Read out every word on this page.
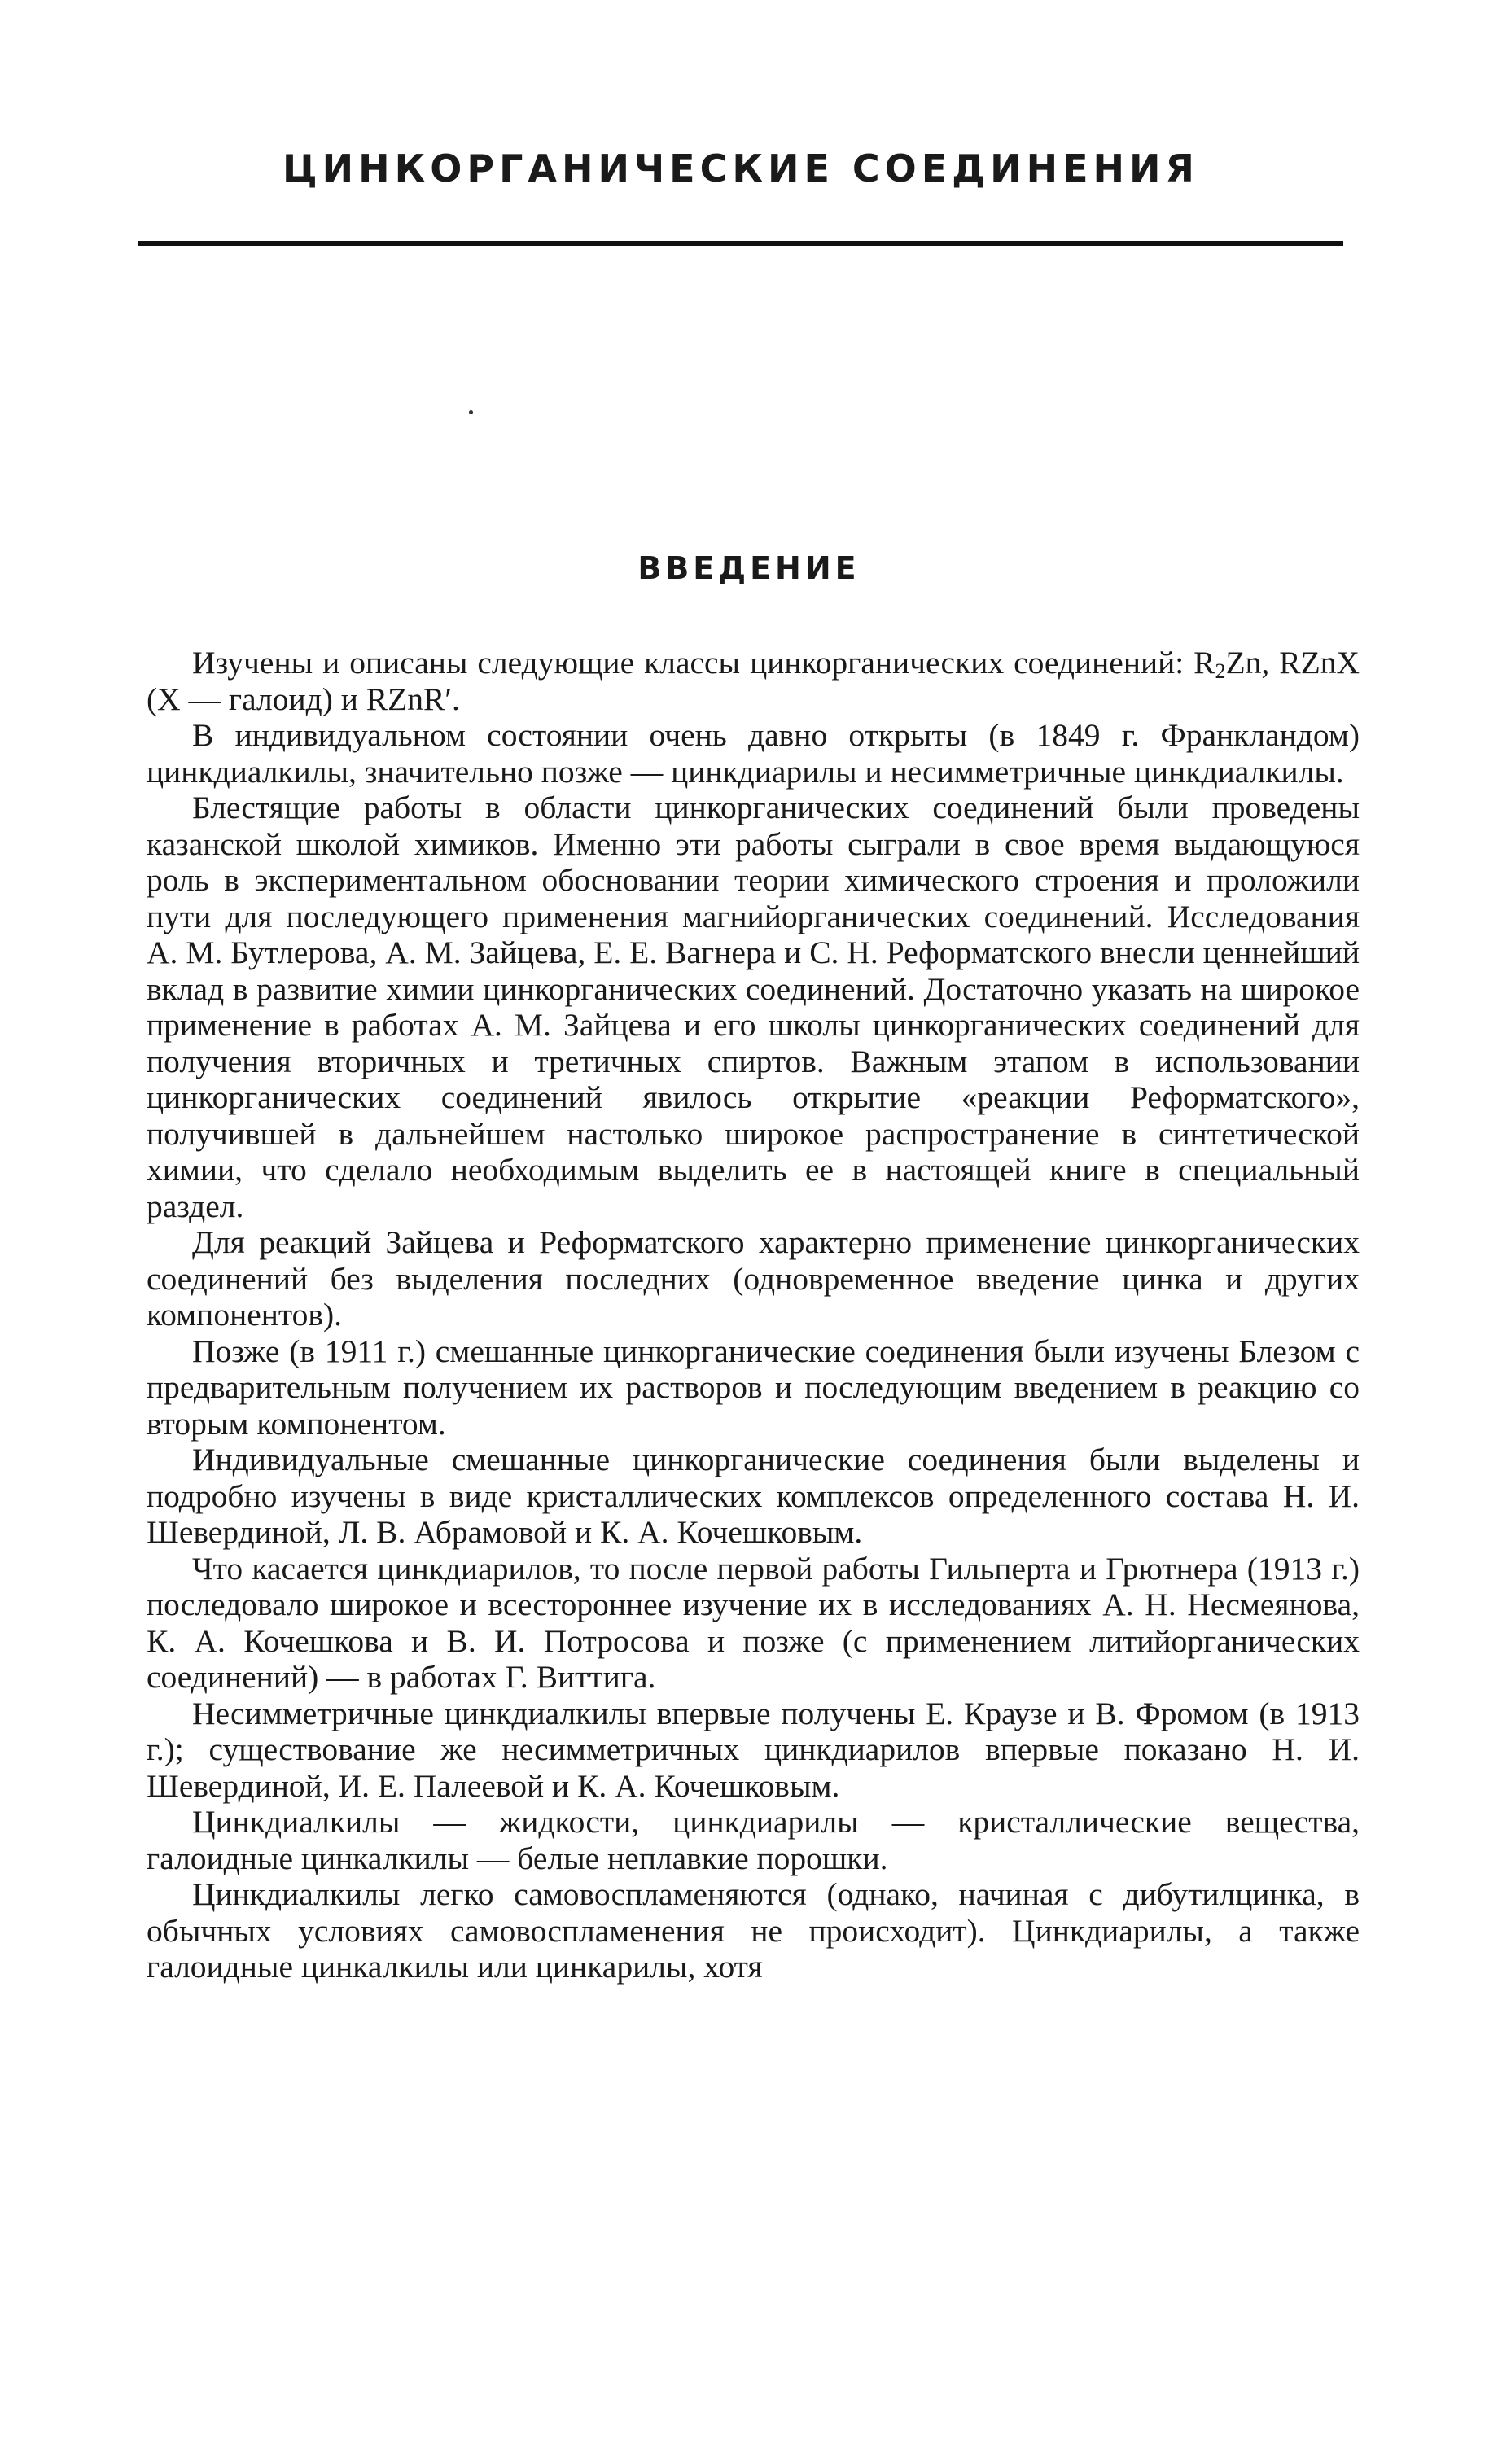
ЦИНКОРГАНИЧЕСКИЕ СОЕДИНЕНИЯ
ВВЕДЕНИЕ

Изучены и описаны следующие классы цинкорганических соединений: $R_2Zn$, RZnX (X — галоид) и RZnR′.

В индивидуальном состоянии очень давно открыты (в 1849 г. Франкландом) цинкдиалкилы, значительно позже — цинкдиарилы и несимметричные цинкдиалкилы.

Блестящие работы в области цинкорганических соединений были проведены казанской школой химиков. Именно эти работы сыграли в свое время выдающуюся роль в экспериментальном обосновании теории химического строения и проложили пути для последующего применения магнийорганических соединений. Исследования А. М. Бутлерова, А. М. Зайцева, Е. Е. Вагнера и С. Н. Реформатского внесли ценнейший вклад в развитие химии цинкорганических соединений. Достаточно указать на широкое применение в работах А. М. Зайцева и его школы цинкорганических соединений для получения вторичных и третичных спиртов. Важным этапом в использовании цинкорганических соединений явилось открытие «реакции Реформатского», получившей в дальнейшем настолько широкое распространение в синтетической химии, что сделало необходимым выделить ее в настоящей книге в специальный раздел.

Для реакций Зайцева и Реформатского характерно применение цинкорганических соединений без выделения последних (одновременное введение цинка и других компонентов).

Позже (в 1911 г.) смешанные цинкорганические соединения были изучены Блезом с предварительным получением их растворов и последующим введением в реакцию со вторым компонентом.

Индивидуальные смешанные цинкорганические соединения были выделены и подробно изучены в виде кристаллических комплексов определенного состава Н. И. Шевердиной, Л. В. Абрамовой и К. А. Кочешковым.

Что касается цинкдиарилов, то после первой работы Гильперта и Грютнера (1913 г.) последовало широкое и всестороннее изучение их в исследованиях А. Н. Несмеянова, К. А. Кочешкова и В. И. Потросова и позже (с применением литийорганических соединений) — в работах Г. Виттига.

Несимметричные цинкдиалкилы впервые получены Е. Краузе и В. Фромом (в 1913 г.); существование же несимметричных цинкдиарилов впервые показано Н. И. Шевердиной, И. Е. Палеевой и К. А. Кочешковым.

Цинкдиалкилы — жидкости, цинкдиарилы — кристаллические вещества, галоидные цинкалкилы — белые неплавкие порошки.

Цинкдиалкилы легко самовоспламеняются (однако, начиная с дибутилцинка, в обычных условиях самовоспламенения не происходит). Цинкдиарилы, а также галоидные цинкалкилы или цинкарилы, хотя
